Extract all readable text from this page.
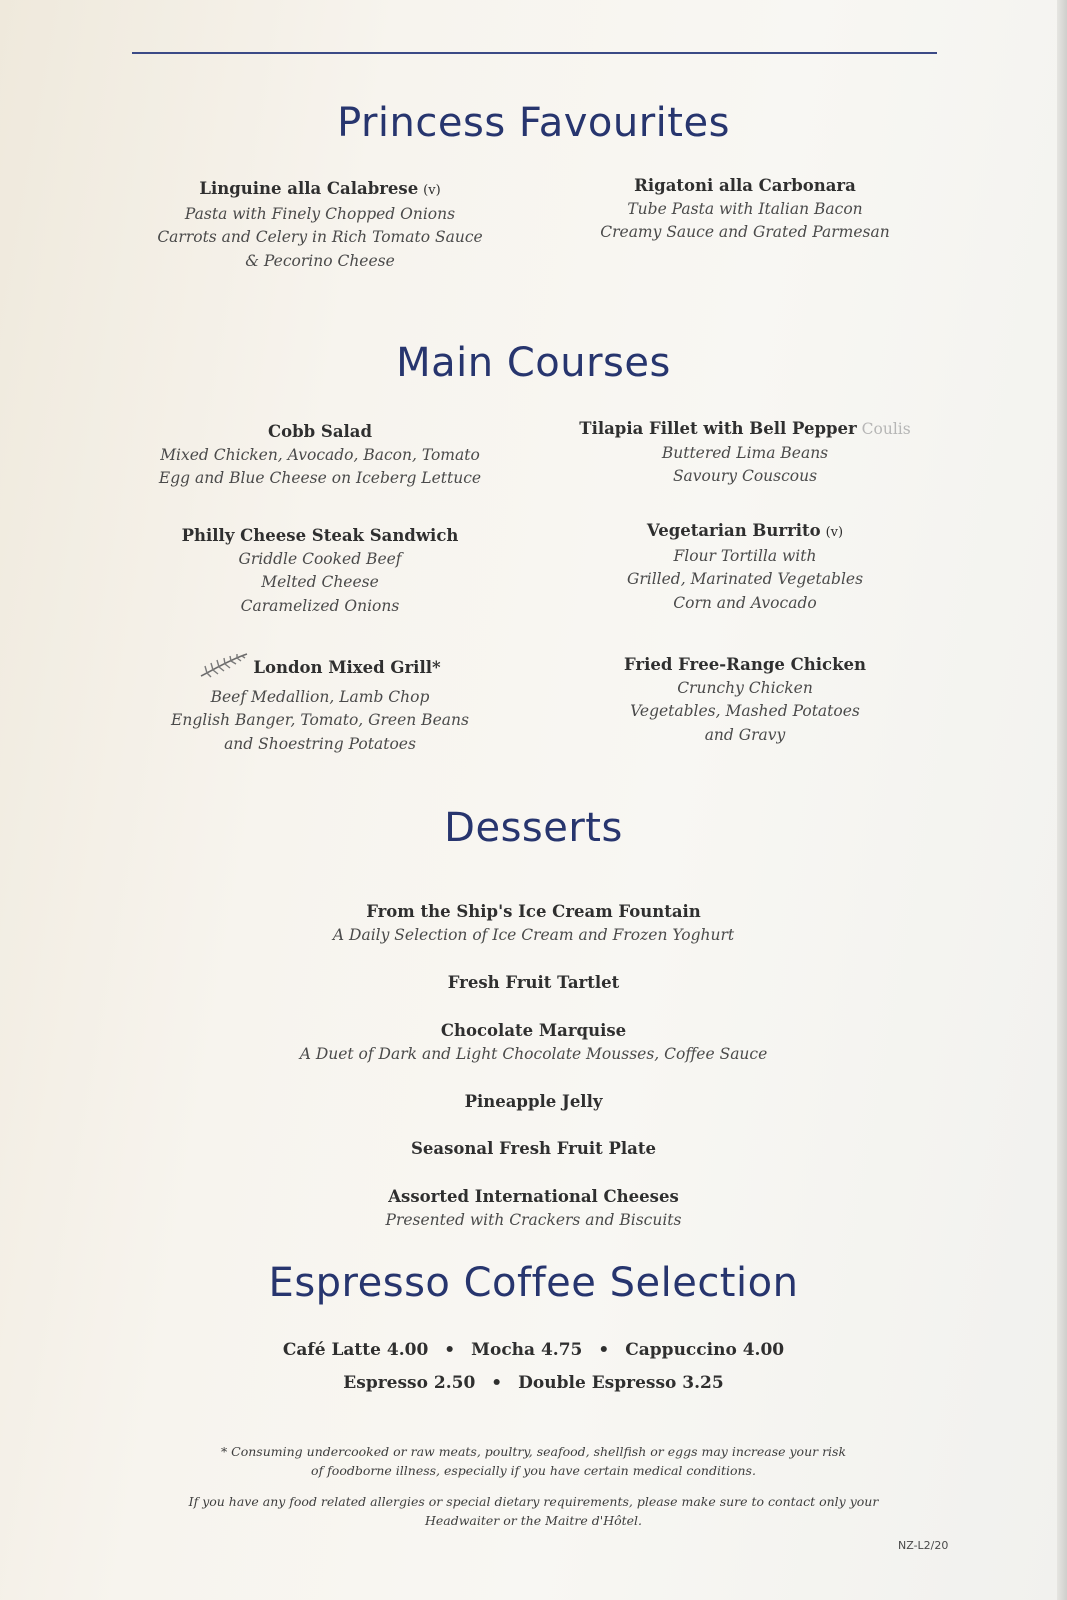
Princess Favourites
Linguine alla Calabrese (v)
Pasta with Finely Chopped Onions
Carrots and Celery in Rich Tomato Sauce
& Pecorino Cheese
Rigatoni alla Carbonara
Tube Pasta with Italian Bacon
Creamy Sauce and Grated Parmesan
Main Courses
Cobb Salad
Mixed Chicken, Avocado, Bacon, Tomato
Egg and Blue Cheese on Iceberg Lettuce
Tilapia Fillet with Bell Pepper Coulis
Buttered Lima Beans
Savoury Couscous
Philly Cheese Steak Sandwich
Griddle Cooked Beef
Melted Cheese
Caramelized Onions
Vegetarian Burrito (v)
Flour Tortilla with
Grilled, Marinated Vegetables
Corn and Avocado
London Mixed Grill*
Beef Medallion, Lamb Chop
English Banger, Tomato, Green Beans
and Shoestring Potatoes
Fried Free-Range Chicken
Crunchy Chicken
Vegetables, Mashed Potatoes
and Gravy
Desserts
From the Ship's Ice Cream Fountain
A Daily Selection of Ice Cream and Frozen Yoghurt
Fresh Fruit Tartlet
Chocolate Marquise
A Duet of Dark and Light Chocolate Mousses, Coffee Sauce
Pineapple Jelly
Seasonal Fresh Fruit Plate
Assorted International Cheeses
Presented with Crackers and Biscuits
Espresso Coffee Selection
Café Latte 4.00 • Mocha 4.75 • Cappuccino 4.00
Espresso 2.50 • Double Espresso 3.25
* Consuming undercooked or raw meats, poultry, seafood, shellfish or eggs may increase your risk
of foodborne illness, especially if you have certain medical conditions.
If you have any food related allergies or special dietary requirements, please make sure to contact only your
Headwaiter or the Maitre d'Hôtel.
NZ-L2/20
